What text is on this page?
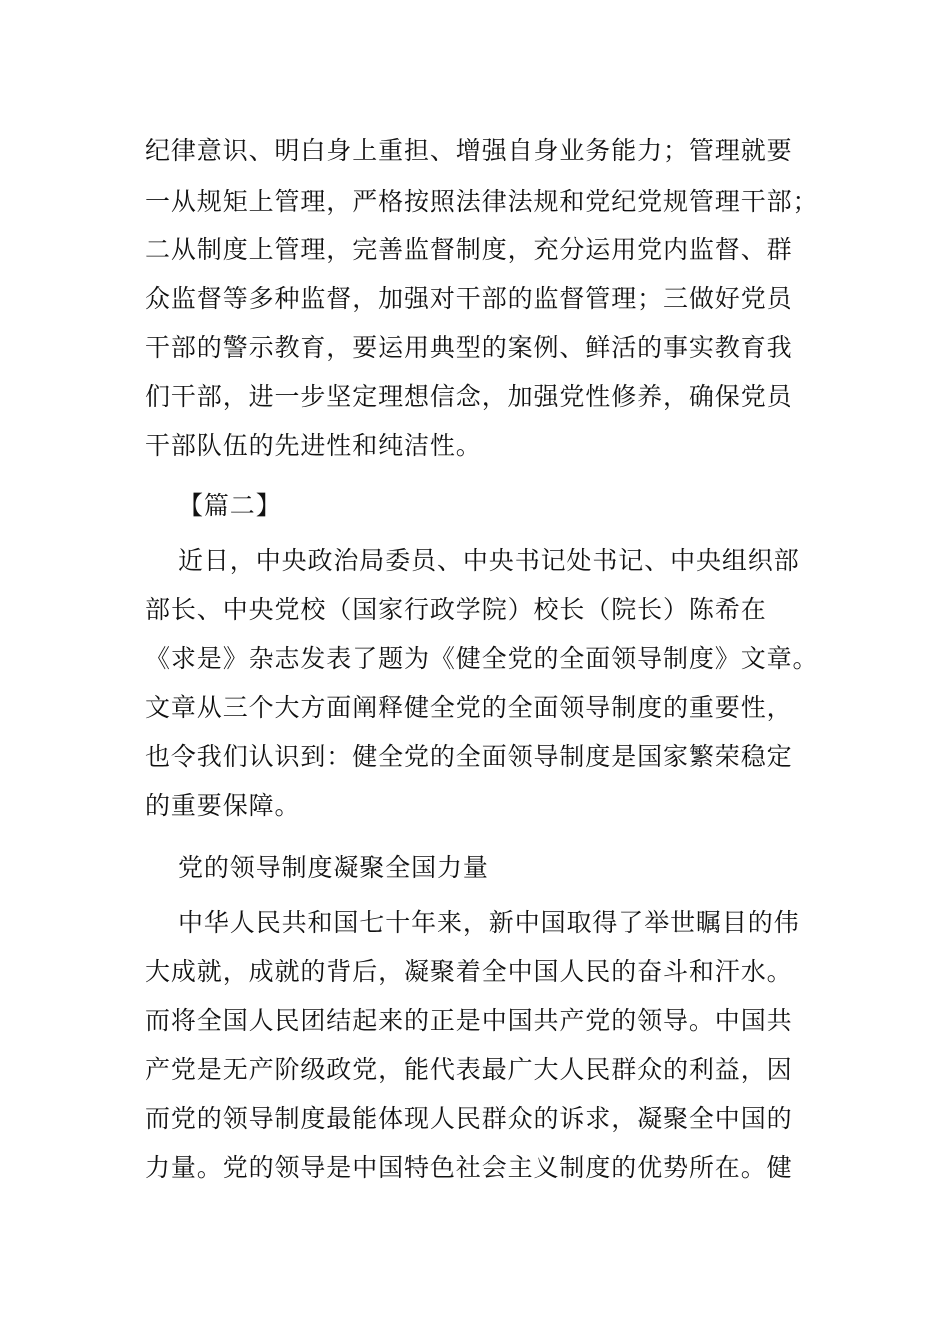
纪律意识、明白身上重担、增强自身业务能力；管理就要
一从规矩上管理，严格按照法律法规和党纪党规管理干部；
二从制度上管理，完善监督制度，充分运用党内监督、群
众监督等多种监督，加强对干部的监督管理；三做好党员
干部的警示教育，要运用典型的案例、鲜活的事实教育我
们干部，进一步坚定理想信念，加强党性修养，确保党员
干部队伍的先进性和纯洁性。
【篇二】
近日，中央政治局委员、中央书记处书记、中央组织部
部长、中央党校（国家行政学院）校长（院长）陈希在
《求是》杂志发表了题为《健全党的全面领导制度》文章。
文章从三个大方面阐释健全党的全面领导制度的重要性，
也令我们认识到：健全党的全面领导制度是国家繁荣稳定
的重要保障。
党的领导制度凝聚全国力量
中华人民共和国七十年来，新中国取得了举世瞩目的伟
大成就，成就的背后，凝聚着全中国人民的奋斗和汗水。
而将全国人民团结起来的正是中国共产党的领导。中国共
产党是无产阶级政党，能代表最广大人民群众的利益，因
而党的领导制度最能体现人民群众的诉求，凝聚全中国的
力量。党的领导是中国特色社会主义制度的优势所在。健
